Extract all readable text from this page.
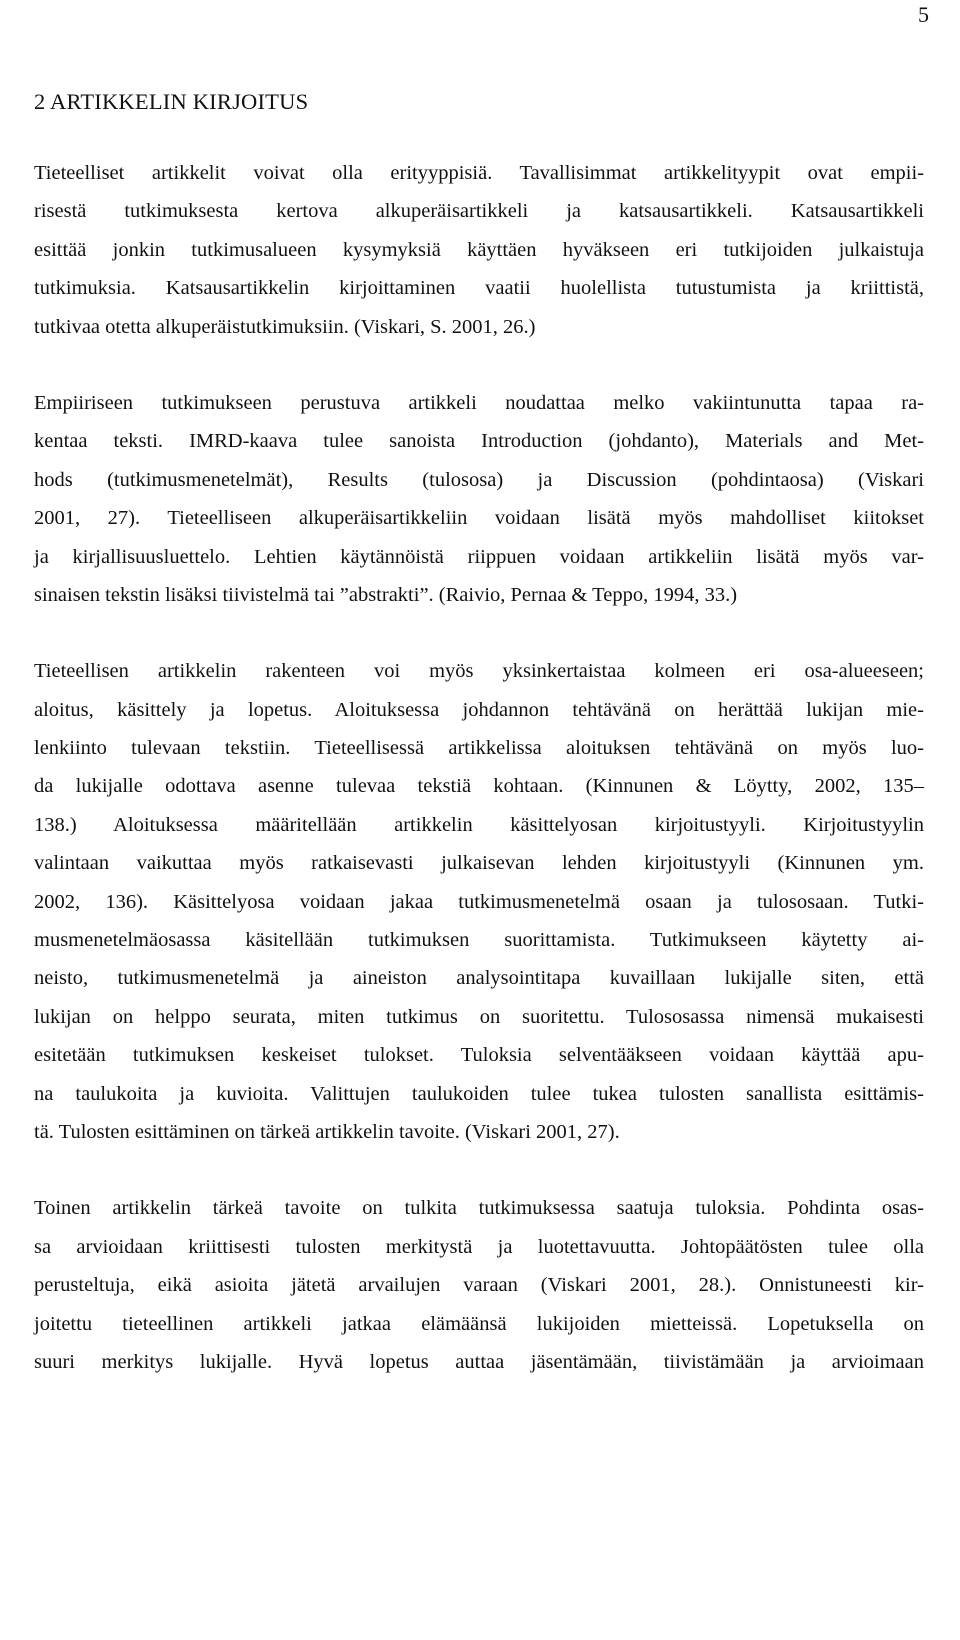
5
2 ARTIKKELIN KIRJOITUS
Tieteelliset artikkelit voivat olla erityyppisiä. Tavallisimmat artikkelityypit ovat empii-
risestä tutkimuksesta kertova alkuperäisartikkeli ja katsausartikkeli. Katsausartikkeli
esittää jonkin tutkimusalueen kysymyksiä käyttäen hyväkseen eri tutkijoiden julkaistuja
tutkimuksia. Katsausartikkelin kirjoittaminen vaatii huolellista tutustumista ja kriittistä,
tutkivaa otetta alkuperäistutkimuksiin. (Viskari, S. 2001, 26.)
Empiiriseen tutkimukseen perustuva artikkeli noudattaa melko vakiintunutta tapaa ra-
kentaa teksti. IMRD-kaava tulee sanoista Introduction (johdanto), Materials and Met-
hods (tutkimusmenetelmät), Results (tulososa) ja Discussion (pohdintaosa) (Viskari
2001, 27). Tieteelliseen alkuperäisartikkeliin voidaan lisätä myös mahdolliset kiitokset
ja kirjallisuusluettelo. Lehtien käytännöistä riippuen voidaan artikkeliin lisätä myös var-
sinaisen tekstin lisäksi tiivistelmä tai ”abstrakti”. (Raivio, Pernaa & Teppo, 1994, 33.)
Tieteellisen artikkelin rakenteen voi myös yksinkertaistaa kolmeen eri osa-alueeseen;
aloitus, käsittely ja lopetus. Aloituksessa johdannon tehtävänä on herättää lukijan mie-
lenkiinto tulevaan tekstiin. Tieteellisessä artikkelissa aloituksen tehtävänä on myös luo-
da lukijalle odottava asenne tulevaa tekstiä kohtaan. (Kinnunen & Löytty, 2002, 135–
138.) Aloituksessa määritellään artikkelin käsittelyosan kirjoitustyyli. Kirjoitustyylin
valintaan vaikuttaa myös ratkaisevasti julkaisevan lehden kirjoitustyyli (Kinnunen ym.
2002, 136). Käsittelyosa voidaan jakaa tutkimusmenetelmä osaan ja tulososaan. Tutki-
musmenetelmäosassa käsitellään tutkimuksen suorittamista. Tutkimukseen käytetty ai-
neisto, tutkimusmenetelmä ja aineiston analysointitapa kuvaillaan lukijalle siten, että
lukijan on helppo seurata, miten tutkimus on suoritettu. Tulososassa nimensä mukaisesti
esitetään tutkimuksen keskeiset tulokset. Tuloksia selventääkseen voidaan käyttää apu-
na taulukoita ja kuvioita. Valittujen taulukoiden tulee tukea tulosten sanallista esittämis-
tä. Tulosten esittäminen on tärkeä artikkelin tavoite. (Viskari 2001, 27).
Toinen artikkelin tärkeä tavoite on tulkita tutkimuksessa saatuja tuloksia. Pohdinta osas-
sa arvioidaan kriittisesti tulosten merkitystä ja luotettavuutta. Johtopäätösten tulee olla
perusteltuja, eikä asioita jätetä arvailujen varaan (Viskari 2001, 28.). Onnistuneesti kir-
joitettu tieteellinen artikkeli jatkaa elämäänsä lukijoiden mietteissä. Lopetuksella on
suuri merkitys lukijalle. Hyvä lopetus auttaa jäsentämään, tiivistämään ja arvioimaan
